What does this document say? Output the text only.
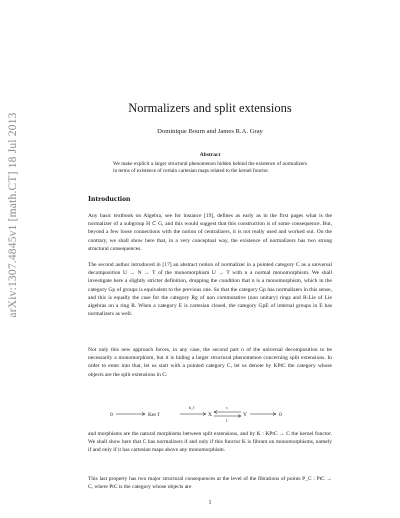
arXiv:1307.4845v1 [math.CT] 18 Jul 2013
Normalizers and split extensions
Dominique Bourn and James R.A. Gray
Abstract
We make explicit a larger structural phenomenon hidden behind the existence of normalizers in terms of existence of certain cartesian maps related to the kernel functor.
Introduction
Any basic textbook on Algebra, see for instance [19], defines as early as in the first pages what is the normalizer of a subgroup H ⊂ G, and this would suggest that this construction is of some consequence. But, beyond a few loose connections with the notion of centralizers, it is not really used and worked out. On the contrary, we shall show here that, in a very conceptual way, the existence of normalizers has two strong structural consequences.
The second author introduced in [17] an abstract notion of normalizer in a pointed category C as a universal decomposition U → N → T of the monomorphism U → T with n a normal monomorphism. We shall investigate here a slightly stricter definition, dropping the condition that n is a monomorphism, which in the category Gp of groups is equivalent to the previous one. So that the category Gp has normalizers in this sense, and this is equally the case for the category Rg of non commutative (non unitary) rings and R-Lie of Lie algebras on a ring R. When a category E is cartesian closed, the category GpE of internal groups in E has normalizers as well.
Not only this new approach forces, in any case, the second part n of the universal decomposition to be necessarily a monomorphism, but it is hiding a larger structural phenomenon concerning split extensions. In order to enter into that, let us start with a pointed category C, let us denote by KPtC the category whose objects are the split extensions in C:
0	Ker f
k_f
X
s
f
Y	0
and morphisms are the natural morphisms between split extensions, and by K : KPtC → C the kernel functor. We shall show here that C has normalizers if and only if this functor K is fibrant on monomorphisms, namely if and only if it has cartesian maps above any monomorphism.
This last property has two major structural consequences at the level of the fibrations of points P_C : PtC → C, where PtC is the category whose objects are
1
